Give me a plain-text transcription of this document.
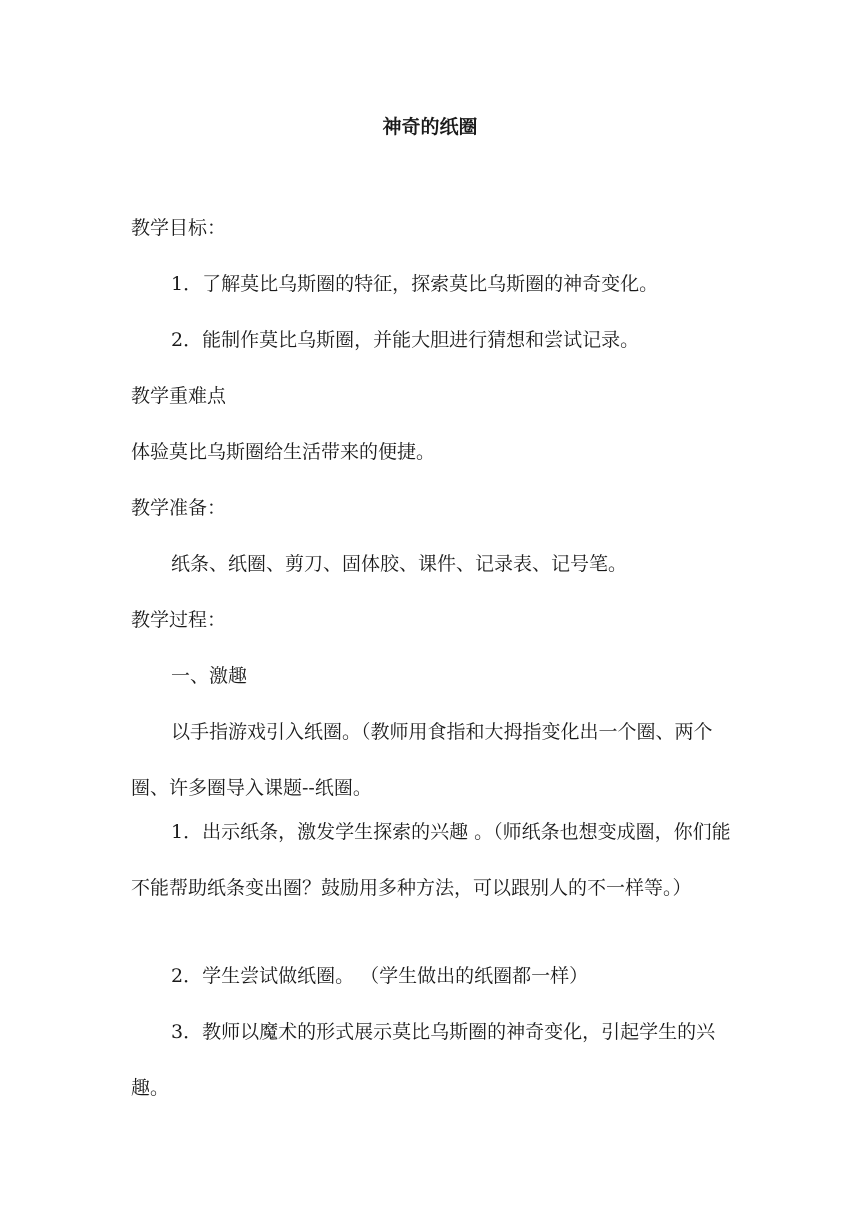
神奇的纸圈

教学目标：

1．了解莫比乌斯圈的特征，探索莫比乌斯圈的神奇变化。

2．能制作莫比乌斯圈，并能大胆进行猜想和尝试记录。

教学重难点

体验莫比乌斯圈给生活带来的便捷。

教学准备：

纸条、纸圈、剪刀、固体胶、课件、记录表、记号笔。

教学过程：

一、激趣

以手指游戏引入纸圈。（教师用食指和大拇指变化出一个圈、两个圈、许多圈导入课题--纸圈。

1．出示纸条，激发学生探索的兴趣 。（师纸条也想变成圈，你们能不能帮助纸条变出圈？鼓励用多种方法，可以跟别人的不一样等。）

2．学生尝试做纸圈。 （学生做出的纸圈都一样）

3．教师以魔术的形式展示莫比乌斯圈的神奇变化，引起学生的兴趣。
